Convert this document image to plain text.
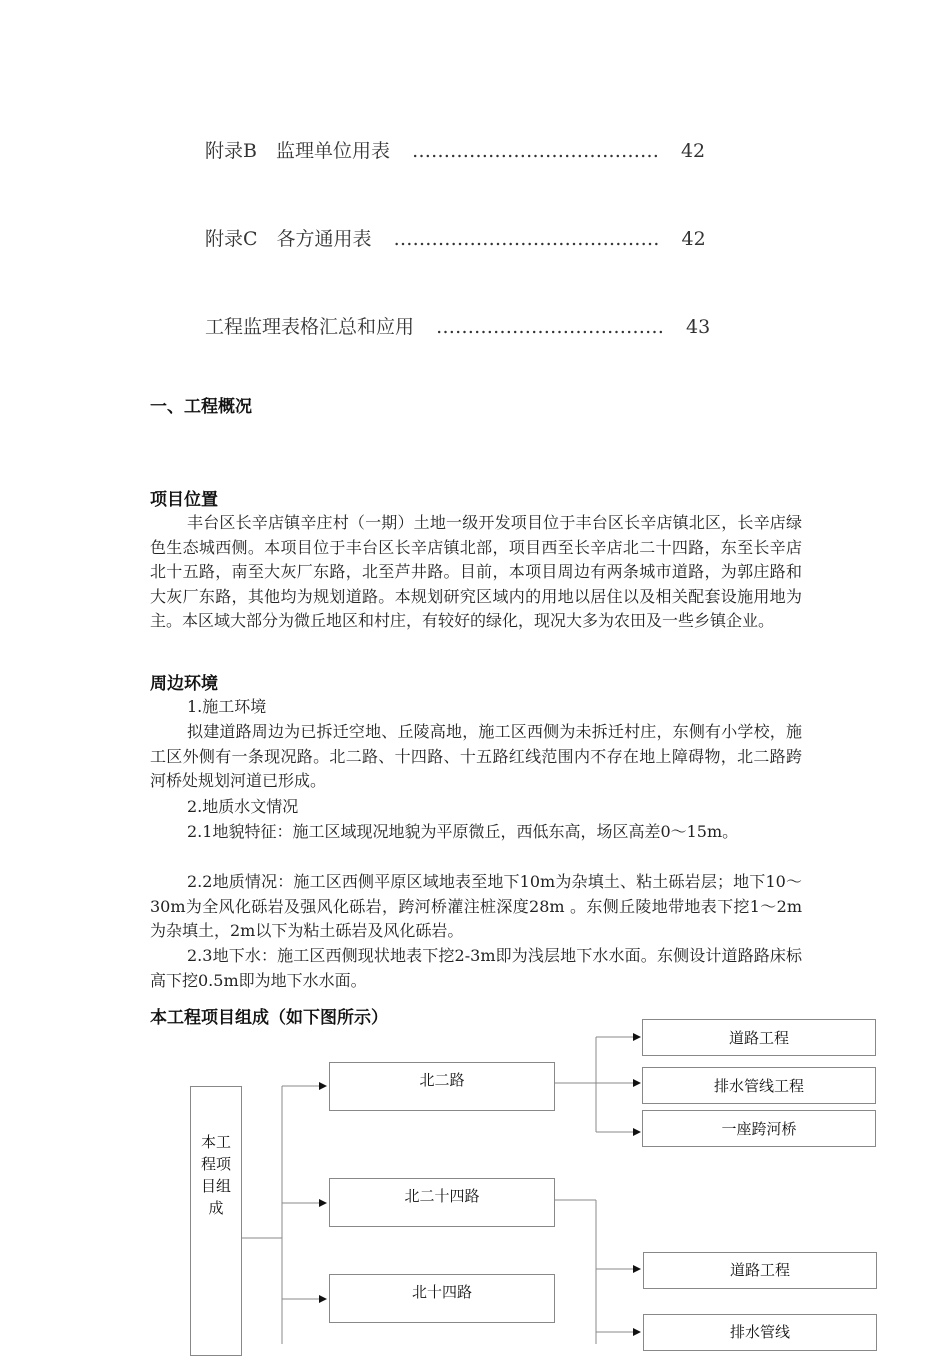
附录B　监理单位用表 ………………………………… 42
附录C　各方通用表 …………………………………… 42
工程监理表格汇总和应用 ……………………………… 43
一、工程概况
项目位置

丰台区长辛店镇辛庄村（一期）土地一级开发项目位于丰台区长辛店镇北区，长辛店绿色生态城西侧。本项目位于丰台区长辛店镇北部，项目西至长辛店北二十四路，东至长辛店北十五路，南至大灰厂东路，北至芦井路。目前，本项目周边有两条城市道路，为郭庄路和大灰厂东路，其他均为规划道路。本规划研究区域内的用地以居住以及相关配套设施用地为主。本区域大部分为微丘地区和村庄，有较好的绿化，现况大多为农田及一些乡镇企业。

周边环境

1.施工环境

拟建道路周边为已拆迁空地、丘陵高地，施工区西侧为未拆迁村庄，东侧有小学校，施工区外侧有一条现况路。北二路、十四路、十五路红线范围内不存在地上障碍物，北二路跨河桥处规划河道已形成。

2.地质水文情况

2.1地貌特征：施工区域现况地貌为平原微丘，西低东高，场区高差0～15m。

2.2地质情况：施工区西侧平原区域地表至地下10m为杂填土、粘土砾岩层；地下10～30m为全风化砾岩及强风化砾岩，跨河桥灌注桩深度28m 。东侧丘陵地带地表下挖1～2m为杂填土，2m以下为粘土砾岩及风化砾岩。

2.3地下水：施工区西侧现状地表下挖2-3m即为浅层地下水水面。东侧设计道路路床标高下挖0.5m即为地下水水面。

本工程项目组成（如下图所示）
本工程项目组成
北二路
北二十四路
北十四路
道路工程
排水管线工程
一座跨河桥
道路工程
排水管线
